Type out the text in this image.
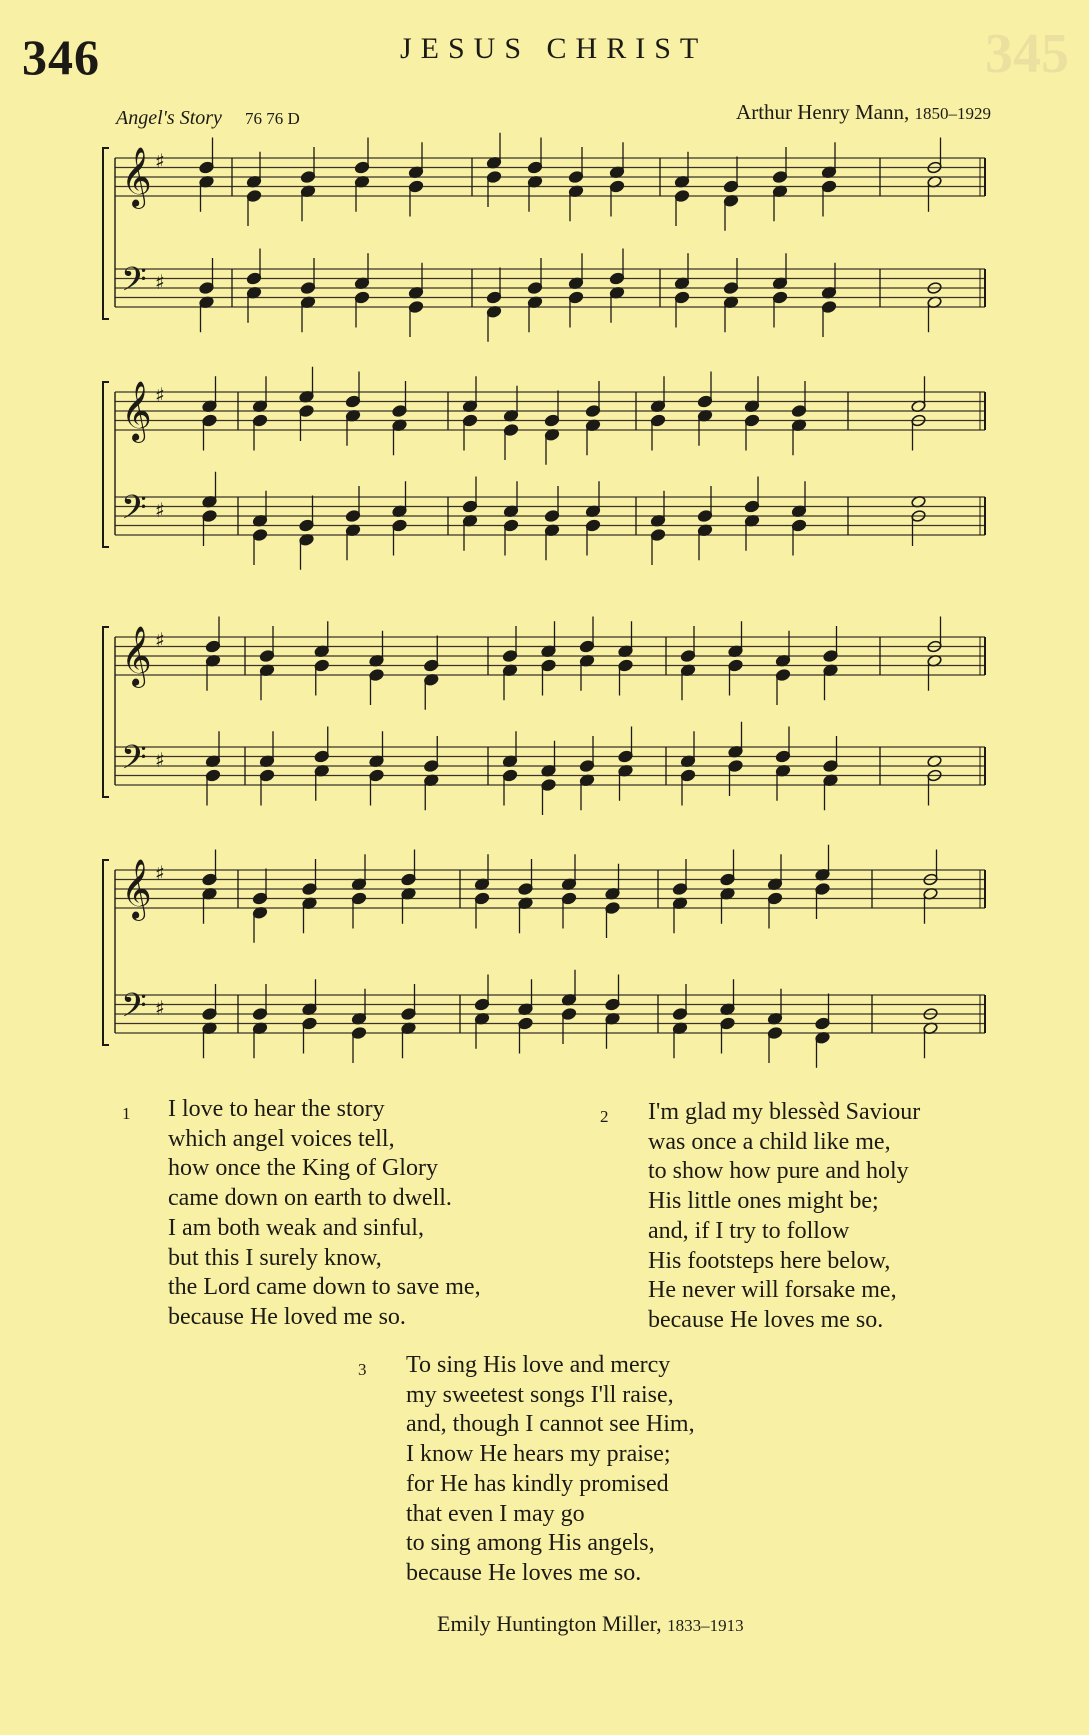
345
346	JESUS CHRIST
Angel's Story 76 76 D	Arthur Henry Mann, 1850–1929
𝄞 ♯
𝄢 ♯
𝄞 ♯
𝄢 ♯
𝄞 ♯
𝄢 ♯
𝄞 ♯
𝄢 ♯
1 I love to hear the story
which angel voices tell,
how once the King of Glory
came down on earth to dwell.
I am both weak and sinful,
but this I surely know,
the Lord came down to save me,
because He loved me so.
2 I'm glad my blessèd Saviour
was once a child like me,
to show how pure and holy
His little ones might be;
and, if I try to follow
His footsteps here below,
He never will forsake me,
because He loves me so.
3 To sing His love and mercy
my sweetest songs I'll raise,
and, though I cannot see Him,
I know He hears my praise;
for He has kindly promised
that even I may go
to sing among His angels,
because He loves me so.
Emily Huntington Miller, 1833–1913
